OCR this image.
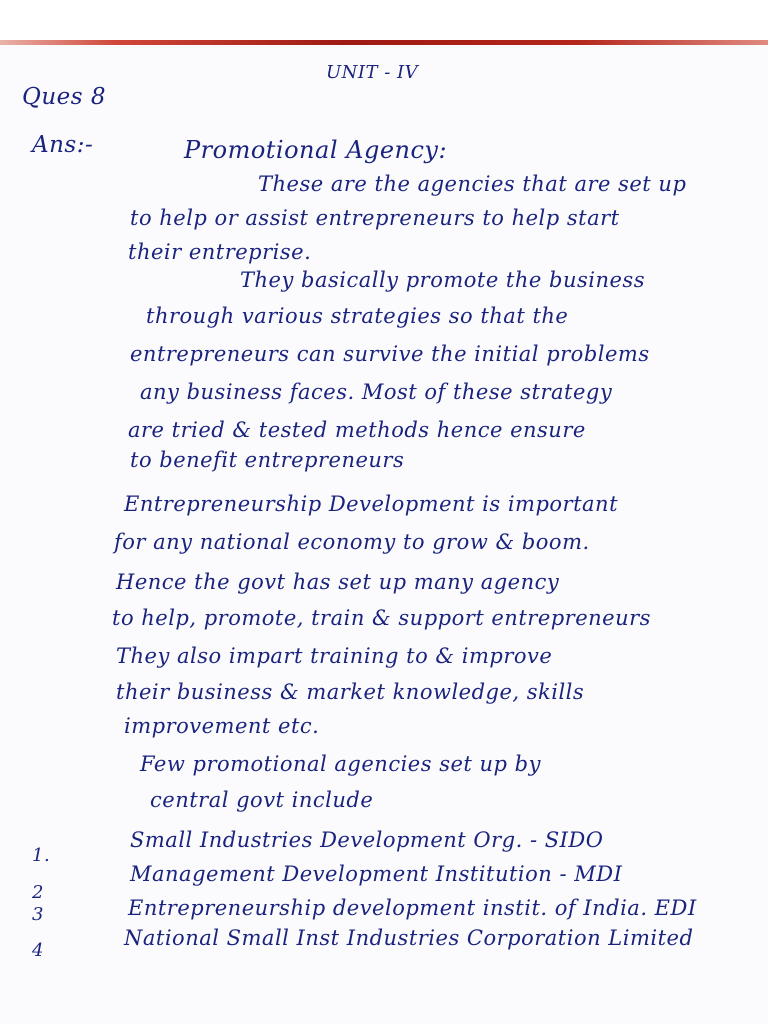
UNIT - IV
Ques 8
Ans:-	Promotional Agency:
These are the agencies that are set up
to help or assist entrepreneurs to help start
their entreprise.
They basically promote the business
through various strategies so that the
entrepreneurs can survive the initial problems
any business faces. Most of these strategy
are tried & tested methods hence ensure
to benefit entrepreneurs
Entrepreneurship Development is important
for any national economy to grow & boom.
Hence the govt has set up many agency
to help, promote, train & support entrepreneurs
They also impart training to & improve
their business & market knowledge, skills
improvement etc.
Few promotional agencies set up by
central govt include
1.
Small Industries Development Org. - SIDO
2
Management Development Institution - MDI
3	Entrepreneurship development instit. of India. EDI
4
National Small Inst Industries Corporation Limited
